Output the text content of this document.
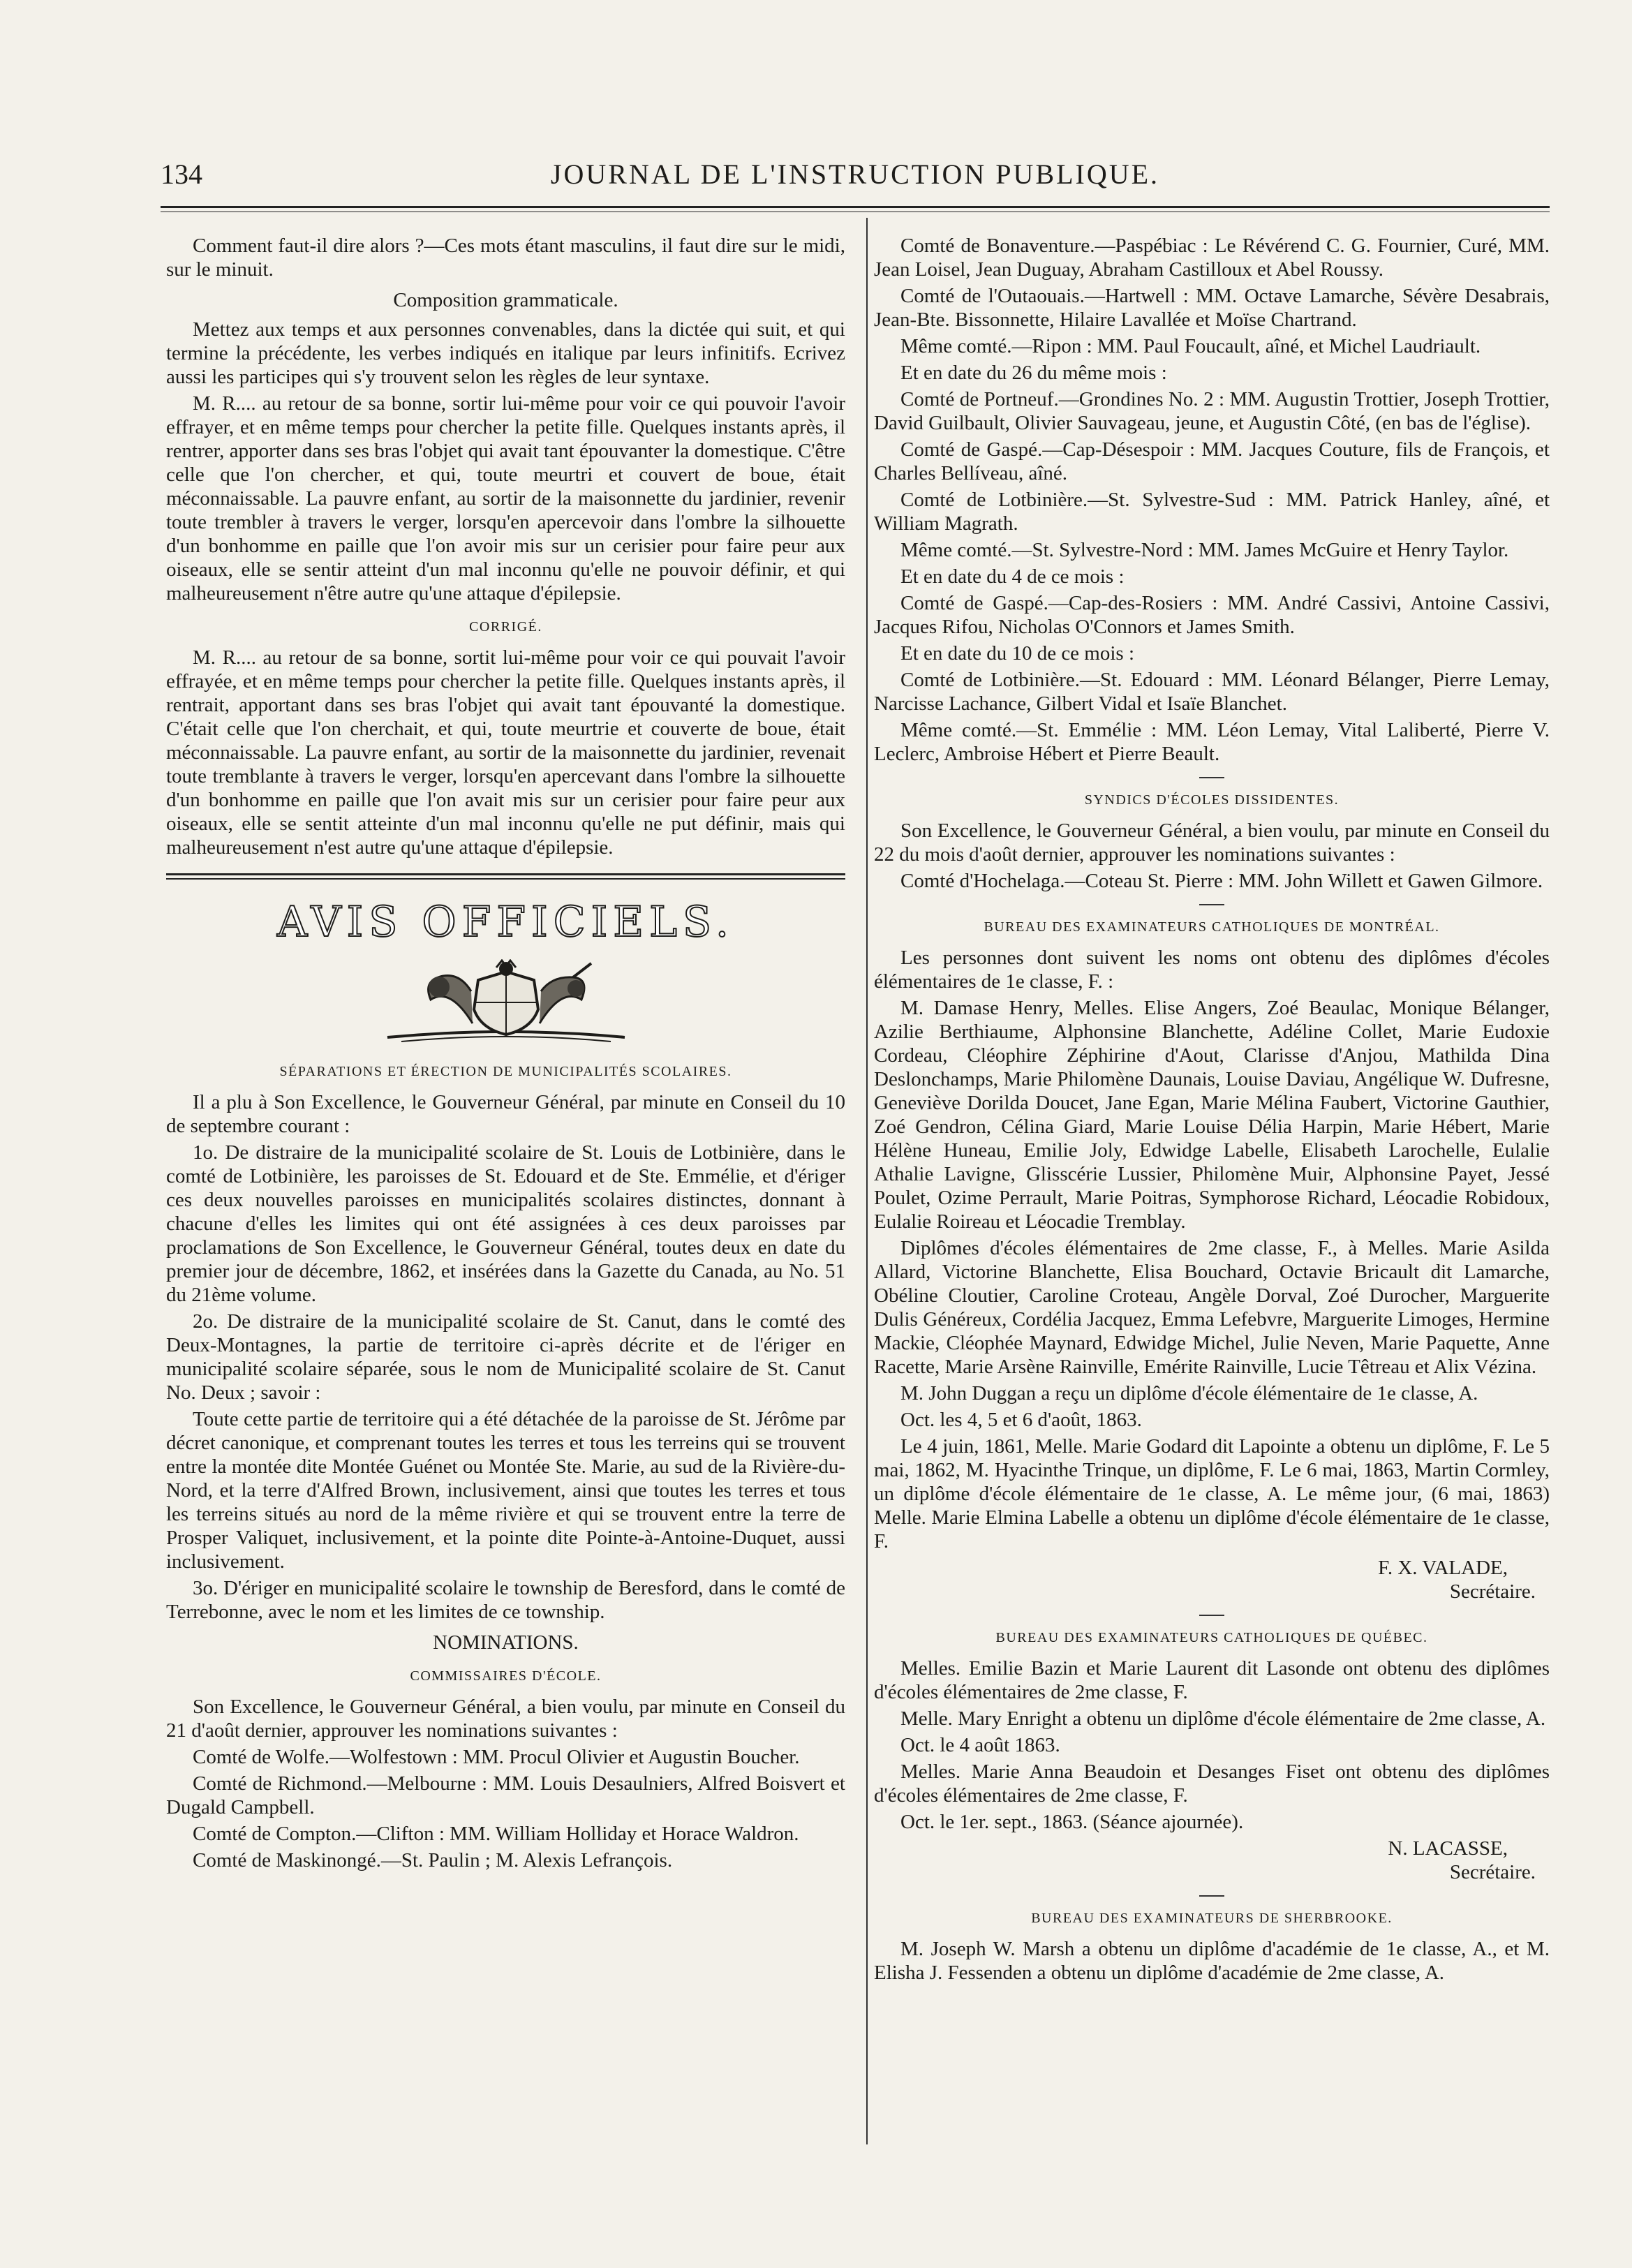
134	JOURNAL DE L'INSTRUCTION PUBLIQUE.

Comment faut-il dire alors ?—Ces mots étant masculins, il faut dire sur le midi, sur le minuit.

Composition grammaticale.

Mettez aux temps et aux personnes convenables, dans la dictée qui suit, et qui termine la précédente, les verbes indiqués en italique par leurs infinitifs. Ecrivez aussi les participes qui s'y trouvent selon les règles de leur syntaxe.

M. R.... au retour de sa bonne, sortir lui-même pour voir ce qui pouvoir l'avoir effrayer, et en même temps pour chercher la petite fille. Quelques instants après, il rentrer, apporter dans ses bras l'objet qui avait tant épouvanter la domestique. C'être celle que l'on chercher, et qui, toute meurtri et couvert de boue, était méconnaissable. La pauvre enfant, au sortir de la maisonnette du jardinier, revenir toute trembler à travers le verger, lorsqu'en apercevoir dans l'ombre la silhouette d'un bonhomme en paille que l'on avoir mis sur un cerisier pour faire peur aux oiseaux, elle se sentir atteint d'un mal inconnu qu'elle ne pouvoir définir, et qui malheureusement n'être autre qu'une attaque d'épilepsie.

CORRIGÉ.

M. R.... au retour de sa bonne, sortit lui-même pour voir ce qui pouvait l'avoir effrayée, et en même temps pour chercher la petite fille. Quelques instants après, il rentrait, apportant dans ses bras l'objet qui avait tant épouvanté la domestique. C'était celle que l'on cherchait, et qui, toute meurtrie et couverte de boue, était méconnaissable. La pauvre enfant, au sortir de la maisonnette du jardinier, revenait toute tremblante à travers le verger, lorsqu'en apercevant dans l'ombre la silhouette d'un bonhomme en paille que l'on avait mis sur un cerisier pour faire peur aux oiseaux, elle se sentit atteinte d'un mal inconnu qu'elle ne put définir, mais qui malheureusement n'est autre qu'une attaque d'épilepsie.

AVIS OFFICIELS.

SÉPARATIONS ET ÉRECTION DE MUNICIPALITÉS SCOLAIRES.

Il a plu à Son Excellence, le Gouverneur Général, par minute en Conseil du 10 de septembre courant :

1o. De distraire de la municipalité scolaire de St. Louis de Lotbinière, dans le comté de Lotbinière, les paroisses de St. Edouard et de Ste. Emmélie, et d'ériger ces deux nouvelles paroisses en municipalités scolaires distinctes, donnant à chacune d'elles les limites qui ont été assignées à ces deux paroisses par proclamations de Son Excellence, le Gouverneur Général, toutes deux en date du premier jour de décembre, 1862, et insérées dans la Gazette du Canada, au No. 51 du 21ème volume.

2o. De distraire de la municipalité scolaire de St. Canut, dans le comté des Deux-Montagnes, la partie de territoire ci-après décrite et de l'ériger en municipalité scolaire séparée, sous le nom de Municipalité scolaire de St. Canut No. Deux ; savoir :

Toute cette partie de territoire qui a été détachée de la paroisse de St. Jérôme par décret canonique, et comprenant toutes les terres et tous les terreins qui se trouvent entre la montée dite Montée Guénet ou Montée Ste. Marie, au sud de la Rivière-du-Nord, et la terre d'Alfred Brown, inclusivement, ainsi que toutes les terres et tous les terreins situés au nord de la même rivière et qui se trouvent entre la terre de Prosper Valiquet, inclusivement, et la pointe dite Pointe-à-Antoine-Duquet, aussi inclusivement.

3o. D'ériger en municipalité scolaire le township de Beresford, dans le comté de Terrebonne, avec le nom et les limites de ce township.

NOMINATIONS.

COMMISSAIRES D'ÉCOLE.

Son Excellence, le Gouverneur Général, a bien voulu, par minute en Conseil du 21 d'août dernier, approuver les nominations suivantes :

Comté de Wolfe.—Wolfestown : MM. Procul Olivier et Augustin Boucher.

Comté de Richmond.—Melbourne : MM. Louis Desaulniers, Alfred Boisvert et Dugald Campbell.

Comté de Compton.—Clifton : MM. William Holliday et Horace Waldron.

Comté de Maskinongé.—St. Paulin ; M. Alexis Lefrançois.

Comté de Bonaventure.—Paspébiac : Le Révérend C. G. Fournier, Curé, MM. Jean Loisel, Jean Duguay, Abraham Castilloux et Abel Roussy.

Comté de l'Outaouais.—Hartwell : MM. Octave Lamarche, Sévère Desabrais, Jean-Bte. Bissonnette, Hilaire Lavallée et Moïse Chartrand.

Même comté.—Ripon : MM. Paul Foucault, aîné, et Michel Laudriault.

Et en date du 26 du même mois :

Comté de Portneuf.—Grondines No. 2 : MM. Augustin Trottier, Joseph Trottier, David Guilbault, Olivier Sauvageau, jeune, et Augustin Côté, (en bas de l'église).

Comté de Gaspé.—Cap-Désespoir : MM. Jacques Couture, fils de François, et Charles Bellíveau, aîné.

Comté de Lotbinière.—St. Sylvestre-Sud : MM. Patrick Hanley, aîné, et William Magrath.

Même comté.—St. Sylvestre-Nord : MM. James McGuire et Henry Taylor.

Et en date du 4 de ce mois :

Comté de Gaspé.—Cap-des-Rosiers : MM. André Cassivi, Antoine Cassivi, Jacques Rifou, Nicholas O'Connors et James Smith.

Et en date du 10 de ce mois :

Comté de Lotbinière.—St. Edouard : MM. Léonard Bélanger, Pierre Lemay, Narcisse Lachance, Gilbert Vidal et Isaïe Blanchet.

Même comté.—St. Emmélie : MM. Léon Lemay, Vital Laliberté, Pierre V. Leclerc, Ambroise Hébert et Pierre Beault.

SYNDICS D'ÉCOLES DISSIDENTES.

Son Excellence, le Gouverneur Général, a bien voulu, par minute en Conseil du 22 du mois d'août dernier, approuver les nominations suivantes :

Comté d'Hochelaga.—Coteau St. Pierre : MM. John Willett et Gawen Gilmore.

BUREAU DES EXAMINATEURS CATHOLIQUES DE MONTRÉAL.

Les personnes dont suivent les noms ont obtenu des diplômes d'écoles élémentaires de 1e classe, F. :

M. Damase Henry, Melles. Elise Angers, Zoé Beaulac, Monique Bélanger, Azilie Berthiaume, Alphonsine Blanchette, Adéline Collet, Marie Eudoxie Cordeau, Cléophire Zéphirine d'Aout, Clarisse d'Anjou, Mathilda Dina Deslonchamps, Marie Philomène Daunais, Louise Daviau, Angélique W. Dufresne, Geneviève Dorilda Doucet, Jane Egan, Marie Mélina Faubert, Victorine Gauthier, Zoé Gendron, Célina Giard, Marie Louise Délia Harpin, Marie Hébert, Marie Hélène Huneau, Emilie Joly, Edwidge Labelle, Elisabeth Larochelle, Eulalie Athalie Lavigne, Glisscérie Lussier, Philomène Muir, Alphonsine Payet, Jessé Poulet, Ozime Perrault, Marie Poitras, Symphorose Richard, Léocadie Robidoux, Eulalie Roireau et Léocadie Tremblay.

Diplômes d'écoles élémentaires de 2me classe, F., à Melles. Marie Asilda Allard, Victorine Blanchette, Elisa Bouchard, Octavie Bricault dit Lamarche, Obéline Cloutier, Caroline Croteau, Angèle Dorval, Zoé Durocher, Marguerite Dulis Généreux, Cordélia Jacquez, Emma Lefebvre, Marguerite Limoges, Hermine Mackie, Cléophée Maynard, Edwidge Michel, Julie Neven, Marie Paquette, Anne Racette, Marie Arsène Rainville, Emérite Rainville, Lucie Têtreau et Alix Vézina.

M. John Duggan a reçu un diplôme d'école élémentaire de 1e classe, A.

Oct. les 4, 5 et 6 d'août, 1863.

Le 4 juin, 1861, Melle. Marie Godard dit Lapointe a obtenu un diplôme, F. Le 5 mai, 1862, M. Hyacinthe Trinque, un diplôme, F. Le 6 mai, 1863, Martin Cormley, un diplôme d'école élémentaire de 1e classe, A. Le même jour, (6 mai, 1863) Melle. Marie Elmina Labelle a obtenu un diplôme d'école élémentaire de 1e classe, F.

F. X. VALADE,

Secrétaire.

BUREAU DES EXAMINATEURS CATHOLIQUES DE QUÉBEC.

Melles. Emilie Bazin et Marie Laurent dit Lasonde ont obtenu des diplômes d'écoles élémentaires de 2me classe, F.

Melle. Mary Enright a obtenu un diplôme d'école élémentaire de 2me classe, A.

Oct. le 4 août 1863.

Melles. Marie Anna Beaudoin et Desanges Fiset ont obtenu des diplômes d'écoles élémentaires de 2me classe, F.

Oct. le 1er. sept., 1863. (Séance ajournée).

N. LACASSE,

Secrétaire.

BUREAU DES EXAMINATEURS DE SHERBROOKE.

M. Joseph W. Marsh a obtenu un diplôme d'académie de 1e classe, A., et M. Elisha J. Fessenden a obtenu un diplôme d'académie de 2me classe, A.
